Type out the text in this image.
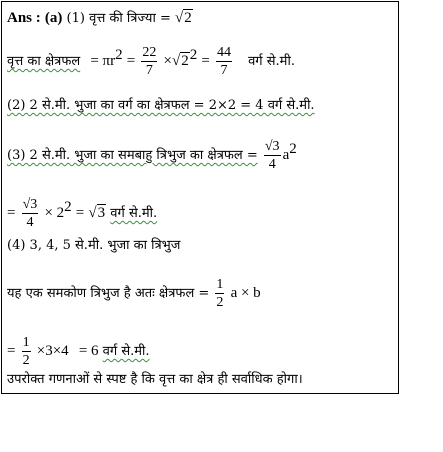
Ans : (a) (1) वृत्त की त्रिज्या = √2
वृत्त का क्षेत्रफल = $\pi r^2 = \frac{22}{7} \times√2^2 = \frac{44}{7}$ वर्ग से.मी.
(2) 2 से.मी. भुजा का वर्ग का क्षेत्रफल = 2×2 = 4 वर्ग से.मी.
(3) 2 से.मी. भुजा का समबाहु त्रिभुज का क्षेत्रफल = $\frac{√3}{4} a^2$
= $\frac{√3}{4} \times 2^2 = √3$ वर्ग से.मी.
(4) 3, 4, 5 से.मी. भुजा का त्रिभुज
यह एक समकोण त्रिभुज है अतः क्षेत्रफल = $\frac{1}{2}$ a × b
= $\frac{1}{2} \times 3\times 4 = 6$ वर्ग से.मी.
उपरोक्त गणनाओं से स्पष्ट है कि वृत्त का क्षेत्र ही सर्वाधिक होगा।
